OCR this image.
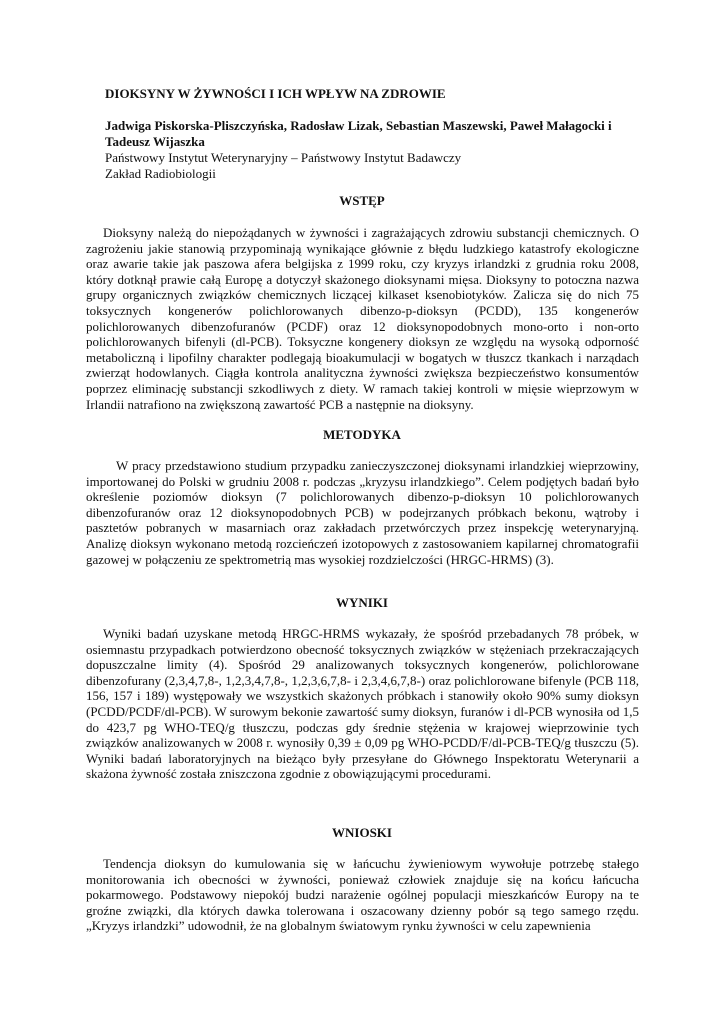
DIOKSYNY W ŻYWNOŚCI I ICH WPŁYW NA ZDROWIE

Jadwiga Piskorska-Pliszczyńska, Radosław Lizak, Sebastian Maszewski, Paweł Małagocki i Tadeusz Wijaszka

Państwowy Instytut Weterynaryjny – Państwowy Instytut Badawczy

Zakład Radiobiologii

WSTĘP

Dioksyny należą do niepożądanych w żywności i zagrażających zdrowiu substancji chemicznych. O zagrożeniu jakie stanowią przypominają wynikające głównie z błędu ludzkiego katastrofy ekologiczne oraz awarie takie jak paszowa afera belgijska z 1999 roku, czy kryzys irlandzki z grudnia roku 2008, który dotknął prawie całą Europę a dotyczył skażonego dioksynami mięsa. Dioksyny to potoczna nazwa grupy organicznych związków chemicznych liczącej kilkaset ksenobiotyków. Zalicza się do nich 75 toksycznych kongenerów polichlorowanych dibenzo-p-dioksyn (PCDD), 135 kongenerów polichlorowanych dibenzofuranów (PCDF) oraz 12 dioksynopodobnych mono-orto i non-orto polichlorowanych bifenyli (dl-PCB). Toksyczne kongenery dioksyn ze względu na wysoką odporność metaboliczną i lipofilny charakter podlegają bioakumulacji w bogatych w tłuszcz tkankach i narządach zwierząt hodowlanych. Ciągła kontrola analityczna żywności zwiększa bezpieczeństwo konsumentów poprzez eliminację substancji szkodliwych z diety. W ramach takiej kontroli w mięsie wieprzowym w Irlandii natrafiono na zwiększoną zawartość PCB a następnie na dioksyny.

METODYKA

W pracy przedstawiono studium przypadku zanieczyszczonej dioksynami irlandzkiej wieprzowiny, importowanej do Polski w grudniu 2008 r. podczas „kryzysu irlandzkiego”. Celem podjętych badań było określenie poziomów dioksyn (7 polichlorowanych dibenzo-p-dioksyn 10 polichlorowanych dibenzofuranów oraz 12 dioksynopodobnych PCB) w podejrzanych próbkach bekonu, wątroby i pasztetów pobranych w masarniach oraz zakładach przetwórczych przez inspekcję weterynaryjną. Analizę dioksyn wykonano metodą rozcieńczeń izotopowych z zastosowaniem kapilarnej chromatografii gazowej w połączeniu ze spektrometrią mas wysokiej rozdzielczości (HRGC-HRMS) (3).

WYNIKI

Wyniki badań uzyskane metodą HRGC-HRMS wykazały, że spośród przebadanych 78 próbek, w osiemnastu przypadkach potwierdzono obecność toksycznych związków w stężeniach przekraczających dopuszczalne limity (4). Spośród 29 analizowanych toksycznych kongenerów, polichlorowane dibenzofurany (2,3,4,7,8-, 1,2,3,4,7,8-, 1,2,3,6,7,8- i 2,3,4,6,7,8-) oraz polichlorowane bifenyle (PCB 118, 156, 157 i 189) występowały we wszystkich skażonych próbkach i stanowiły około 90% sumy dioksyn (PCDD/PCDF/dl-PCB). W surowym bekonie zawartość sumy dioksyn, furanów i dl-PCB wynosiła od 1,5 do 423,7 pg WHO-TEQ/g tłuszczu, podczas gdy średnie stężenia w krajowej wieprzowinie tych związków analizowanych w 2008 r. wynosiły 0,39 ± 0,09 pg WHO-PCDD/F/dl-PCB-TEQ/g tłuszczu (5). Wyniki badań laboratoryjnych na bieżąco były przesyłane do Głównego Inspektoratu Weterynarii a skażona żywność została zniszczona zgodnie z obowiązującymi procedurami.

WNIOSKI

Tendencja dioksyn do kumulowania się w łańcuchu żywieniowym wywołuje potrzebę stałego monitorowania ich obecności w żywności, ponieważ człowiek znajduje się na końcu łańcucha pokarmowego. Podstawowy niepokój budzi narażenie ogólnej populacji mieszkańców Europy na te groźne związki, dla których dawka tolerowana i oszacowany dzienny pobór są tego samego rzędu. „Kryzys irlandzki” udowodnił, że na globalnym światowym rynku żywności w celu zapewnienia
